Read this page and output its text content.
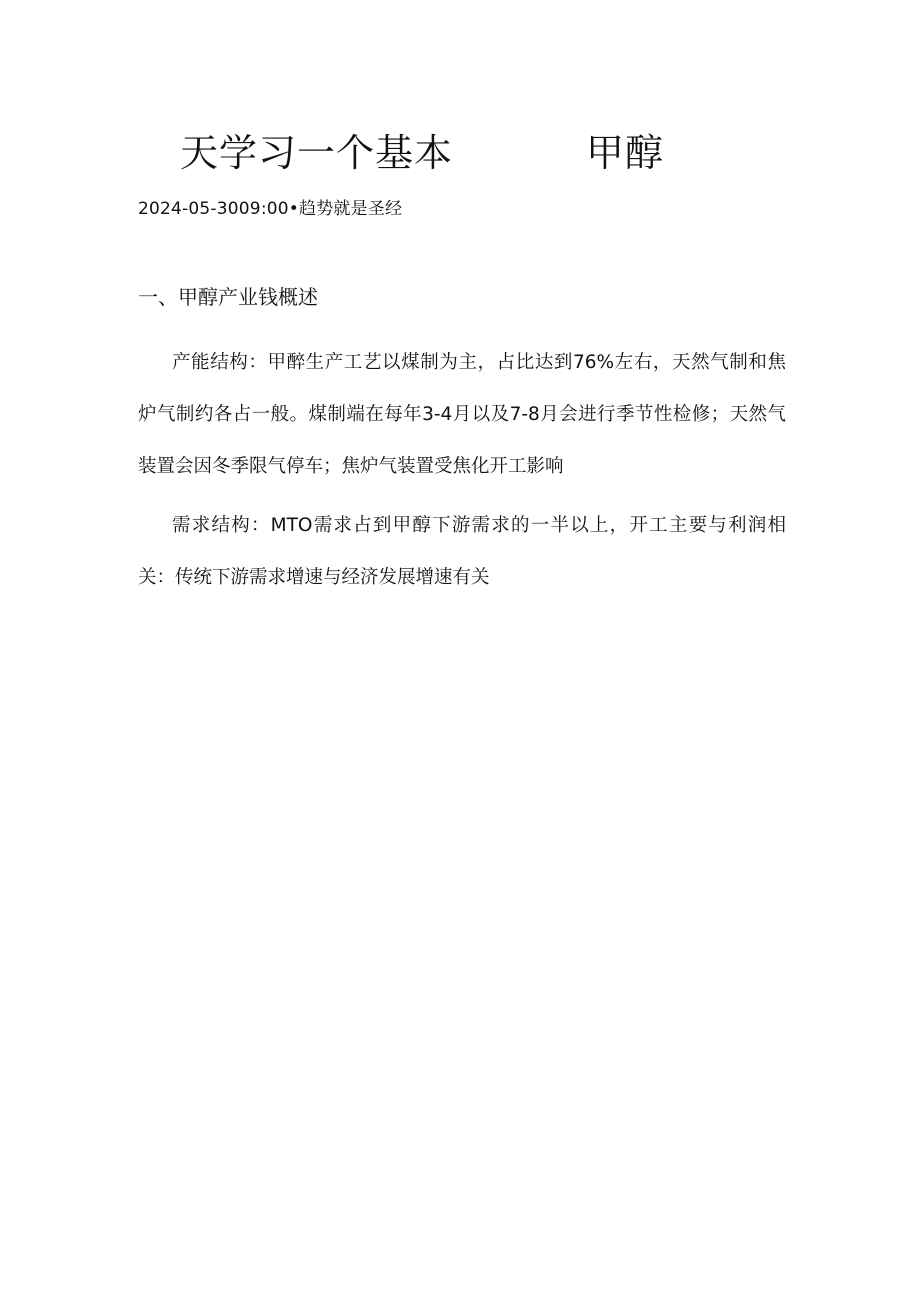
天学习一个基本	甲醇
2024-05-3009:00•趋势就是圣经
一、甲醇产业钱概述

产能结构：甲醉生产工艺以煤制为主，占比达到76%左右，天然气制和焦炉气制约各占一般。煤制端在每年3-4月以及7-8月会进行季节性检修；天然气装置会因冬季限气停车；焦炉气装置受焦化开工影响

需求结构：MTO需求占到甲醇下游需求的一半以上，开工主要与利润相关：传统下游需求增速与经济发展增速有关
